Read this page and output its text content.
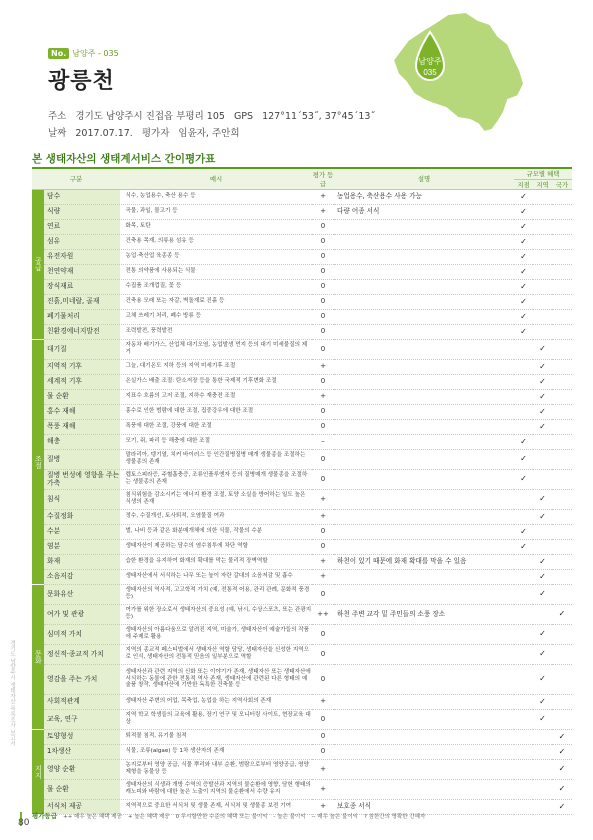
No. 남양주 - 035
광릉천
주소 경기도 남양주시 진접읍 부평리 105 GPS 127°11´53˝, 37°45´13˝
날짜 2017.07.17. 평가자 임윤자, 주안희
남양주
035
본 생태자산의 생태계서비스 간이평가표
구분		예시	평가 등급	설명	규모별 혜택		
					지점	지역	국가
공급	담수	식수, 농업용수, 축산 용수 등	+	농업용수, 축산용수 사용 가능	✓		
	식량	곡물, 과일, 물고기 등	+	다량 어종 서식	✓		
	연료	화목, 토탄	0		✓		
	섬유	건축용 목재, 의류용 섬유 등	0		✓		
	유전자원	농업·축산업 육종종 등	0		✓		
	천연약재	전통 의약품에 사용되는 식물	0		✓		
	장식재료	수집품 조개껍질, 꽃 등	0		✓		
	진흙,미네랄, 골재	건축용 모래 또는 자갈, 벽돌재료 진흙 등	0		✓		
	폐기물처리	고체 쓰레기 처리, 폐수 방류 등	0		✓		
	친환경에너지발전	조력발전, 풍력발전	0		✓		
조절	대기질	자동차 배기가스, 산업체 대기오염, 농업발생 먼지 등의 대기 미세물질의 제거	0			✓	
	지역적 기후	그늘, 대기온도 지하 등의 지역 미세기후 조절	+			✓	
	세계적 기후	온실가스 배출 조절: 탄소저장 등을 통한 국제적 기후변화 조절	0			✓	
	물 순환	지표수 흐름의 고저 조절, 지하수 재충전 조절	+			✓	
	홍수 재해	홍수로 인한 범람에 대한 조절, 집중강우에 대한 조절	0			✓	
	폭풍 재해	폭풍에 대한 조절, 강풍에 대한 조절	0			✓	
	해충	모기, 쥐, 파리 등 해충에 대한 조절	–		✓		
	질병	말라리아, 뎅기열, 치커 바이러스 등 인간질병질병 매개 생물종을 조절하는 생물종의 존재	0		✓		
	질병 번성에 영향을 주는 가축	렙토스피라증, 주혈흡충증, 조류인플루엔자 등의 질병매개 생물종을 조절하는 생물종의 존재	0		✓		
	침식	침식위험을 감소시키는 에너지 환경 조절, 토양 소실을 방어하는 일도 높은 식생의 존재	+			✓	
	수질정화	정수, 수질개선, 토사퇴적, 오염물질 여과	+			✓	
	수분	벌, 나비 등과 같은 화분매개체에 의한 식물, 작물의 수분	0		✓		
	염분	생태자산이 제공하는 담수의 염수침투에 차단 역할	0		✓		
	화재	습한 환경을 유지하여 화재의 확대를 막는 물리적 장벽역할	+	하천이 있기 때문에 화재 확대를 막을 수 있음		✓	
	소음저감	생태자산에서 서식하는 나무 또는 높이 자란 갈대의 소음저감 및 흡수	+			✓	
문화	문화유산	생태자산의 역사적, 고고학적 가치 (예, 전통적 어용, 관리 관례, 문화적 풍경 등)	0			✓	
	여가 및 관광	여가를 위한 장소로서 생태자산의 중요성 (예, 낚시, 수상스포츠, 또는 관광지 등)	++	하천 주변 교각 밑 주민들의 소풍 장소			✓
	심미적 가치	생태자산의 아름다움으로 알려진 지역, 미술가, 생태자산이 예술가들의 작품에 주제로 활용	0			✓	
	정신적·종교적 가치	지역의 종교적 페스티벌에서 생태자산 역할 담당, 생태자산을 신성한 지역으로 인식, 생태자산의 전통적 믿음의 일부분으로 역할	0			✓	
	영감을 주는 가치	생태자산과 관련 지역의 신화 또는 이야기가 존재, 생태자산 또는 생태자산에 서식하는 동물에 관한 전통적 역사 존재, 생태자산에 관련된 다른 형태의 예술품 창작, 생태자산에 기반한 독특한 건축물 등	0			✓	
	사회적관계	생태자산 주변의 어업, 목축업, 농업을 하는 지역사회의 존재	+			✓	
	교육, 연구	지역 학교 학생들의 교육에 활용, 장기 연구 및 모니터링 사이트, 현장교육 대상	0			✓	
지지	토양형성	퇴적물 침적, 유기물 침적	0				✓
	1차생산	식물, 조류(algae) 등 1차 생산자의 존재	0				✓
	영양 순환	농지로부터 영양 공급, 식물 뿌리와 내부 순환, 범람으로부터 영양공급, 영양 제형을 동물상 등	+				✓
	물 순환	생태자산의 식생과 개방 수역의 증발산과 지역의 물순환에 영향, 담헌 형태의 캐노피와 바람에 대한 높은 노출이 지역의 물순환에서 수량 유지	+				✓
	서식처 제공	지역적으로 중요한 서식처 및 생물 존재, 서식처 및 생물종 보전 기여	+	보호종 서식			✓
경기도 남양주시 생태자산 목록조사 보고서
80
평가등급 ++ 매우 높은 혜택 제공 + 높은 혜택 제공 0 무시할만한 수준의 혜택 또는 불이익 - 높은 불이익 -- 매우 높은 불이익 ? 침한간의 명확한 간혜자
